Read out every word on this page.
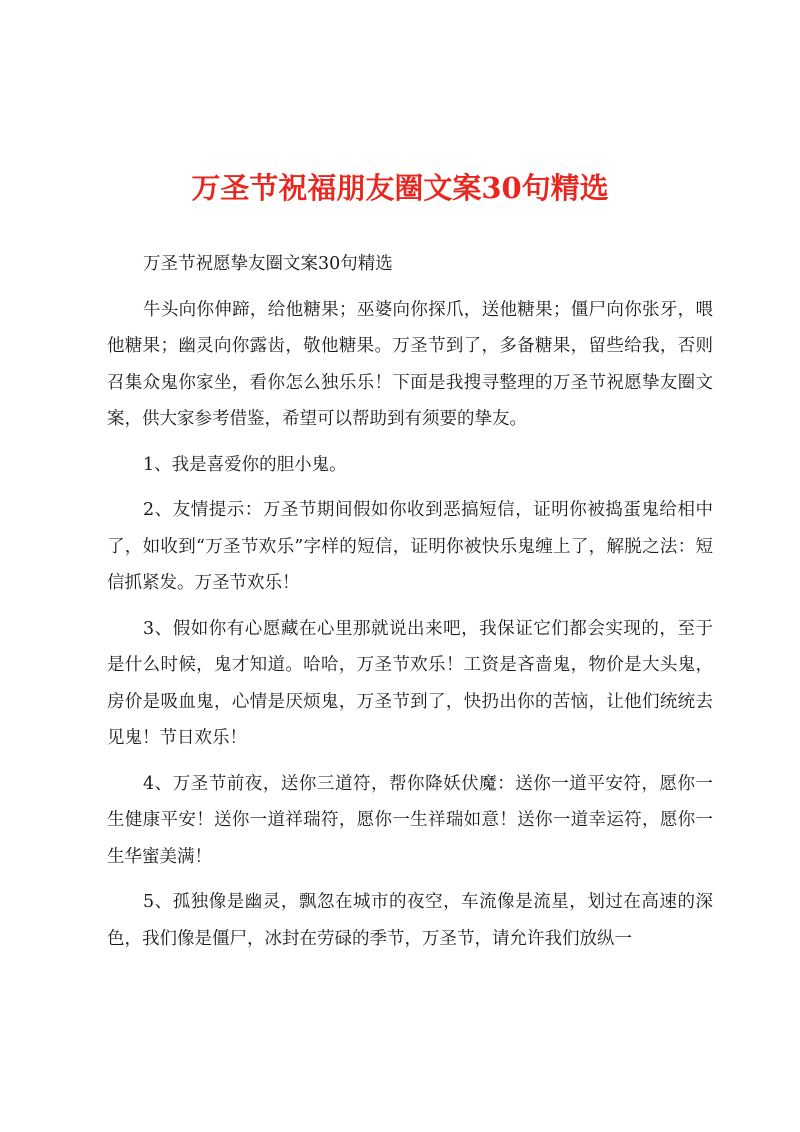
万圣节祝福朋友圈文案30句精选

万圣节祝愿挚友圈文案30句精选

牛头向你伸蹄，给他糖果；巫婆向你探爪，送他糖果；僵尸向你张牙，喂他糖果；幽灵向你露齿，敬他糖果。万圣节到了，多备糖果，留些给我，否则召集众鬼你家坐，看你怎么独乐乐！下面是我搜寻整理的万圣节祝愿挚友圈文案，供大家参考借鉴，希望可以帮助到有须要的挚友。

1、我是喜爱你的胆小鬼。

2、友情提示：万圣节期间假如你收到恶搞短信，证明你被捣蛋鬼给相中了，如收到“万圣节欢乐”字样的短信，证明你被快乐鬼缠上了，解脱之法：短信抓紧发。万圣节欢乐！

3、假如你有心愿藏在心里那就说出来吧，我保证它们都会实现的，至于是什么时候，鬼才知道。哈哈，万圣节欢乐！工资是吝啬鬼，物价是大头鬼，房价是吸血鬼，心情是厌烦鬼，万圣节到了，快扔出你的苦恼，让他们统统去见鬼！节日欢乐！

4、万圣节前夜，送你三道符，帮你降妖伏魔：送你一道平安符，愿你一生健康平安！送你一道祥瑞符，愿你一生祥瑞如意！送你一道幸运符，愿你一生华蜜美满！

5、孤独像是幽灵，飘忽在城市的夜空，车流像是流星，划过在高速的深色，我们像是僵尸，冰封在劳碌的季节，万圣节，请允许我们放纵一
